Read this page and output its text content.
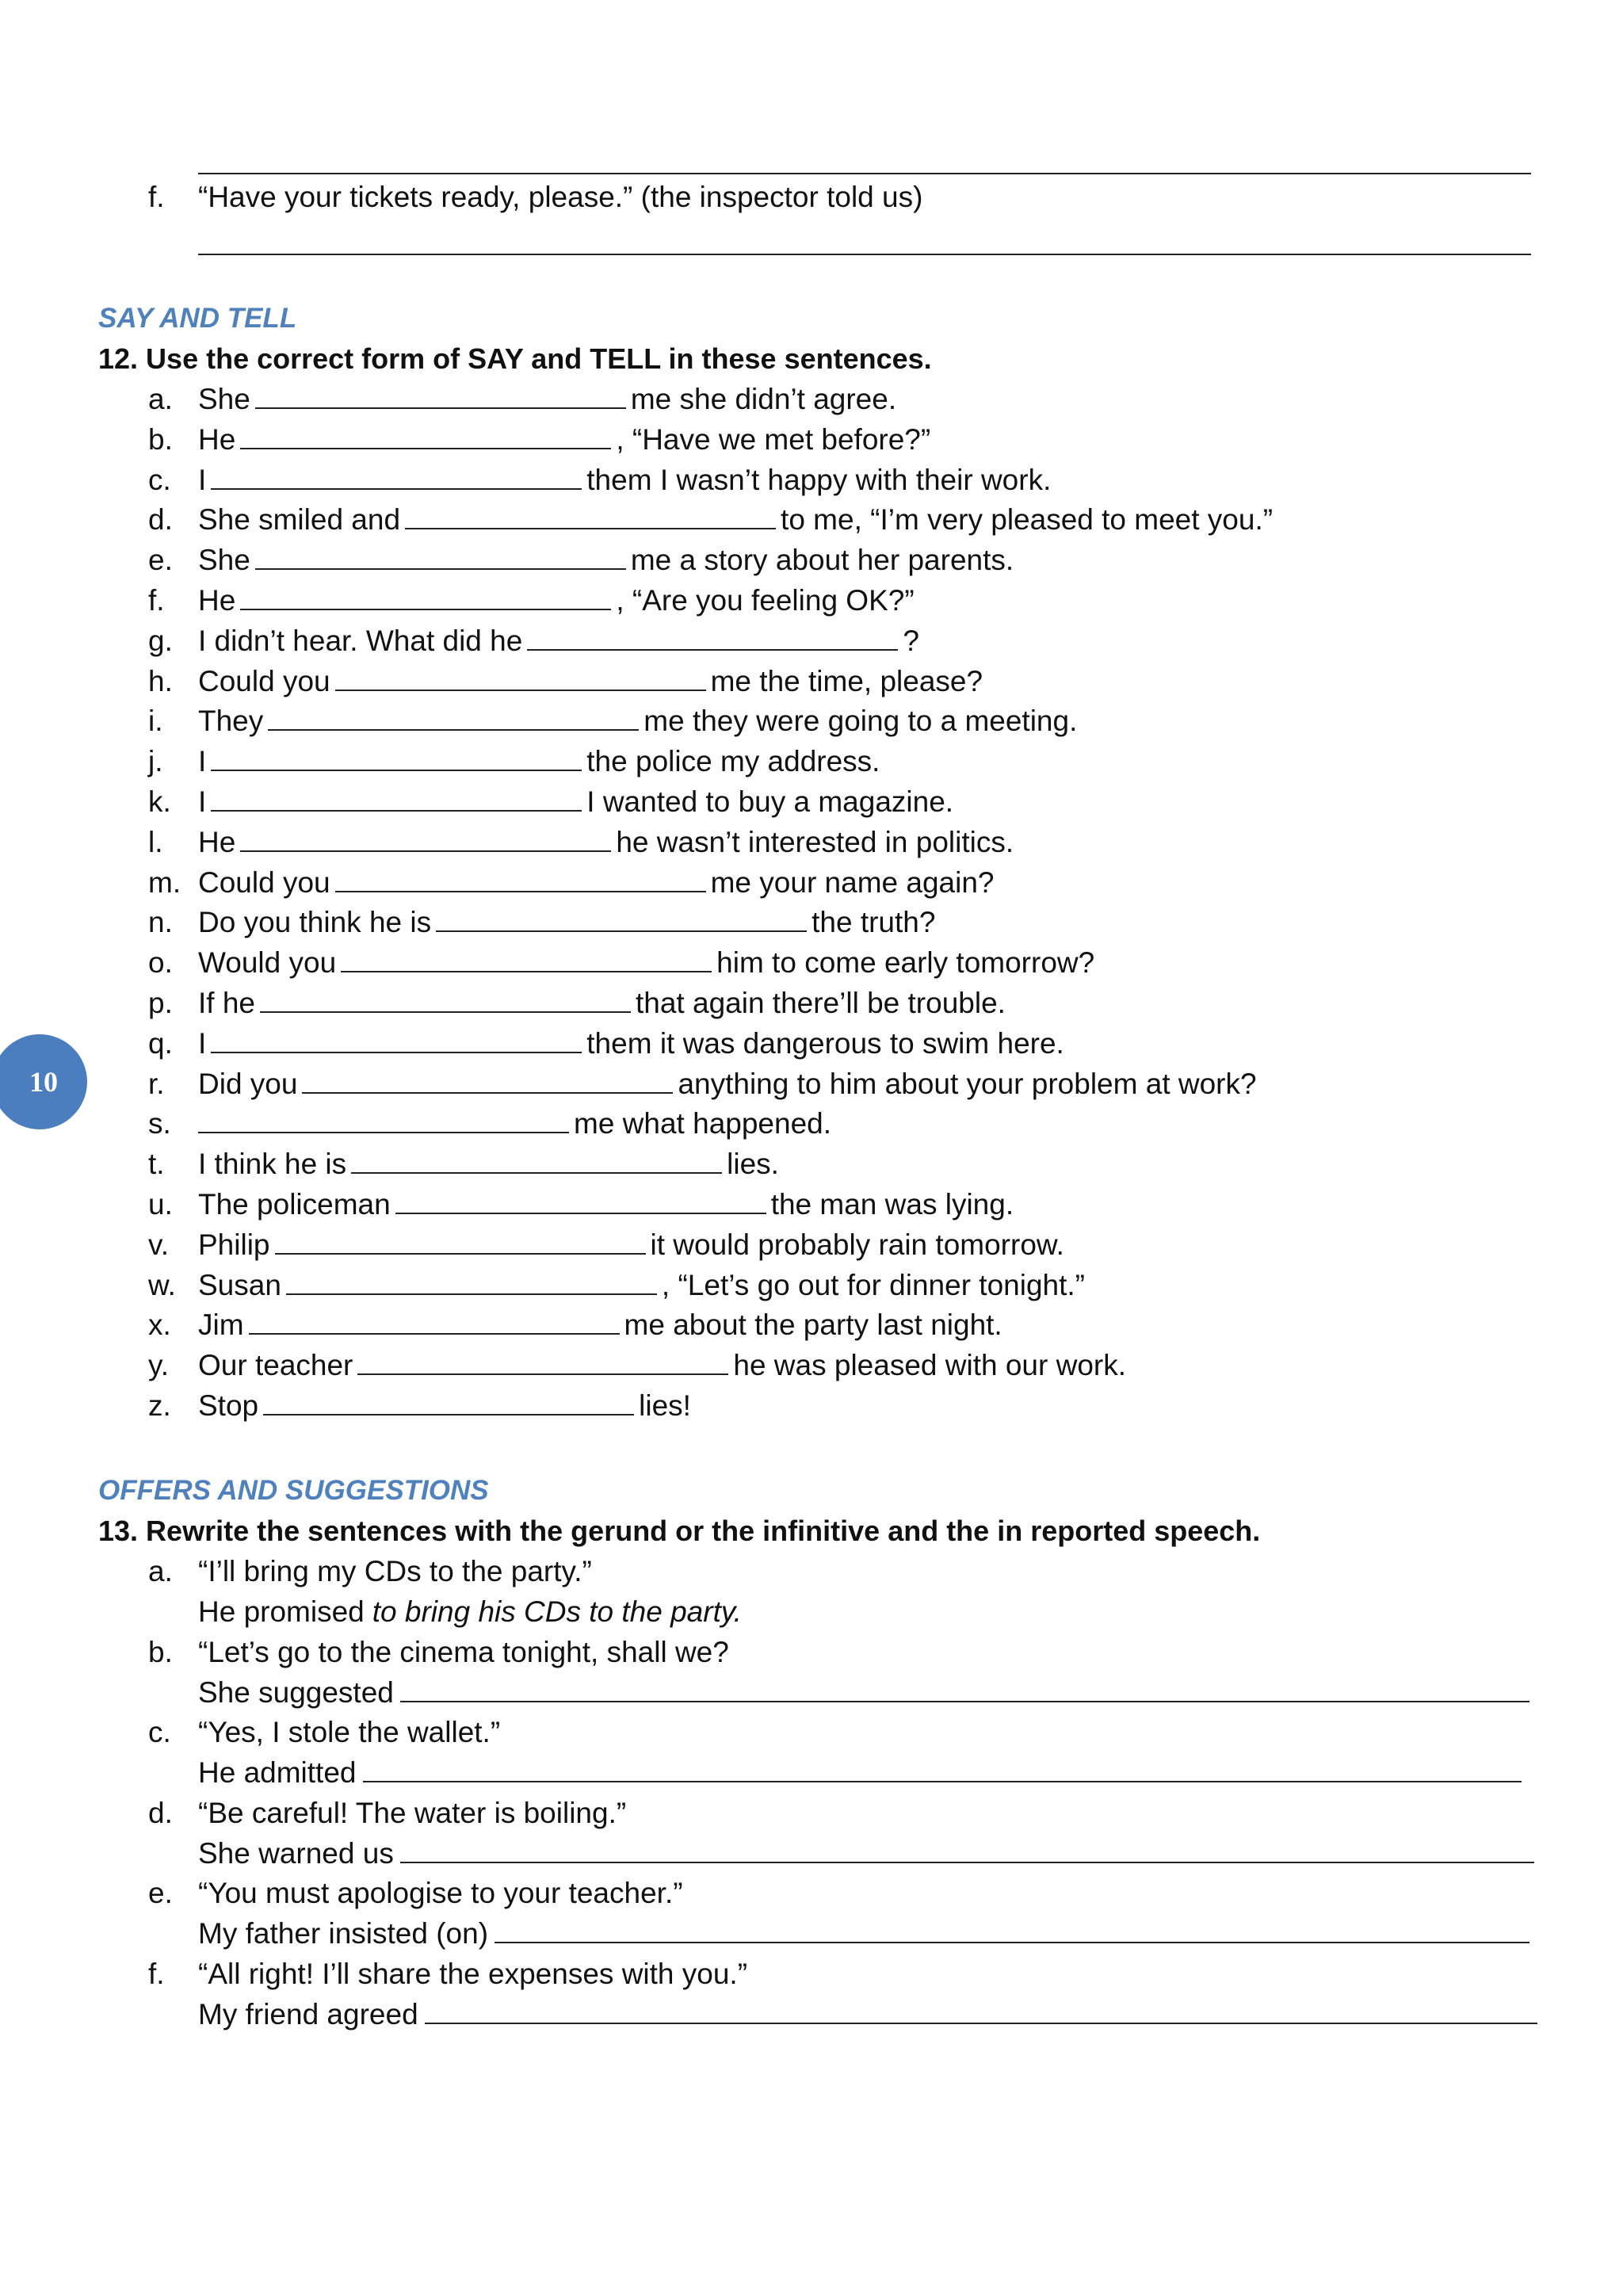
f. “Have your tickets ready, please.” (the inspector told us)
SAY AND TELL
12. Use the correct form of SAY and TELL in these sentences.
a. She	me she didn’t agree.
b. He	, “Have we met before?”
c. I	them I wasn’t happy with their work.
d. She smiled and	to me, “I’m very pleased to meet you.”
e. She	me a story about her parents.
f. He	, “Are you feeling OK?”
g. I didn’t hear. What did he	?
h. Could you	me the time, please?
i. They	me they were going to a meeting.
j. I	the police my address.
k. I	I wanted to buy a magazine.
l. He	he wasn’t interested in politics.
m. Could you	me your name again?
n. Do you think he is	the truth?
o. Would you	him to come early tomorrow?
p. If he	that again there’ll be trouble.
q. I	them it was dangerous to swim here.
r. Did you	anything to him about your problem at work?
s.	me what happened.
t. I think he is	lies.
u. The policeman	the man was lying.
v. Philip	it would probably rain tomorrow.
w. Susan	, “Let’s go out for dinner tonight.”
x. Jim	me about the party last night.
y. Our teacher	he was pleased with our work.
z. Stop	lies!
OFFERS AND SUGGESTIONS
13. Rewrite the sentences with the gerund or the infinitive and the in reported speech.
a. “I’ll bring my CDs to the party.”
He promised to bring his CDs to the party.
b. “Let’s go to the cinema tonight, shall we?
She suggested
c. “Yes, I stole the wallet.”
He admitted
d. “Be careful! The water is boiling.”
She warned us
e. “You must apologise to your teacher.”
My father insisted (on)
f. “All right! I’ll share the expenses with you.”
My friend agreed
10
